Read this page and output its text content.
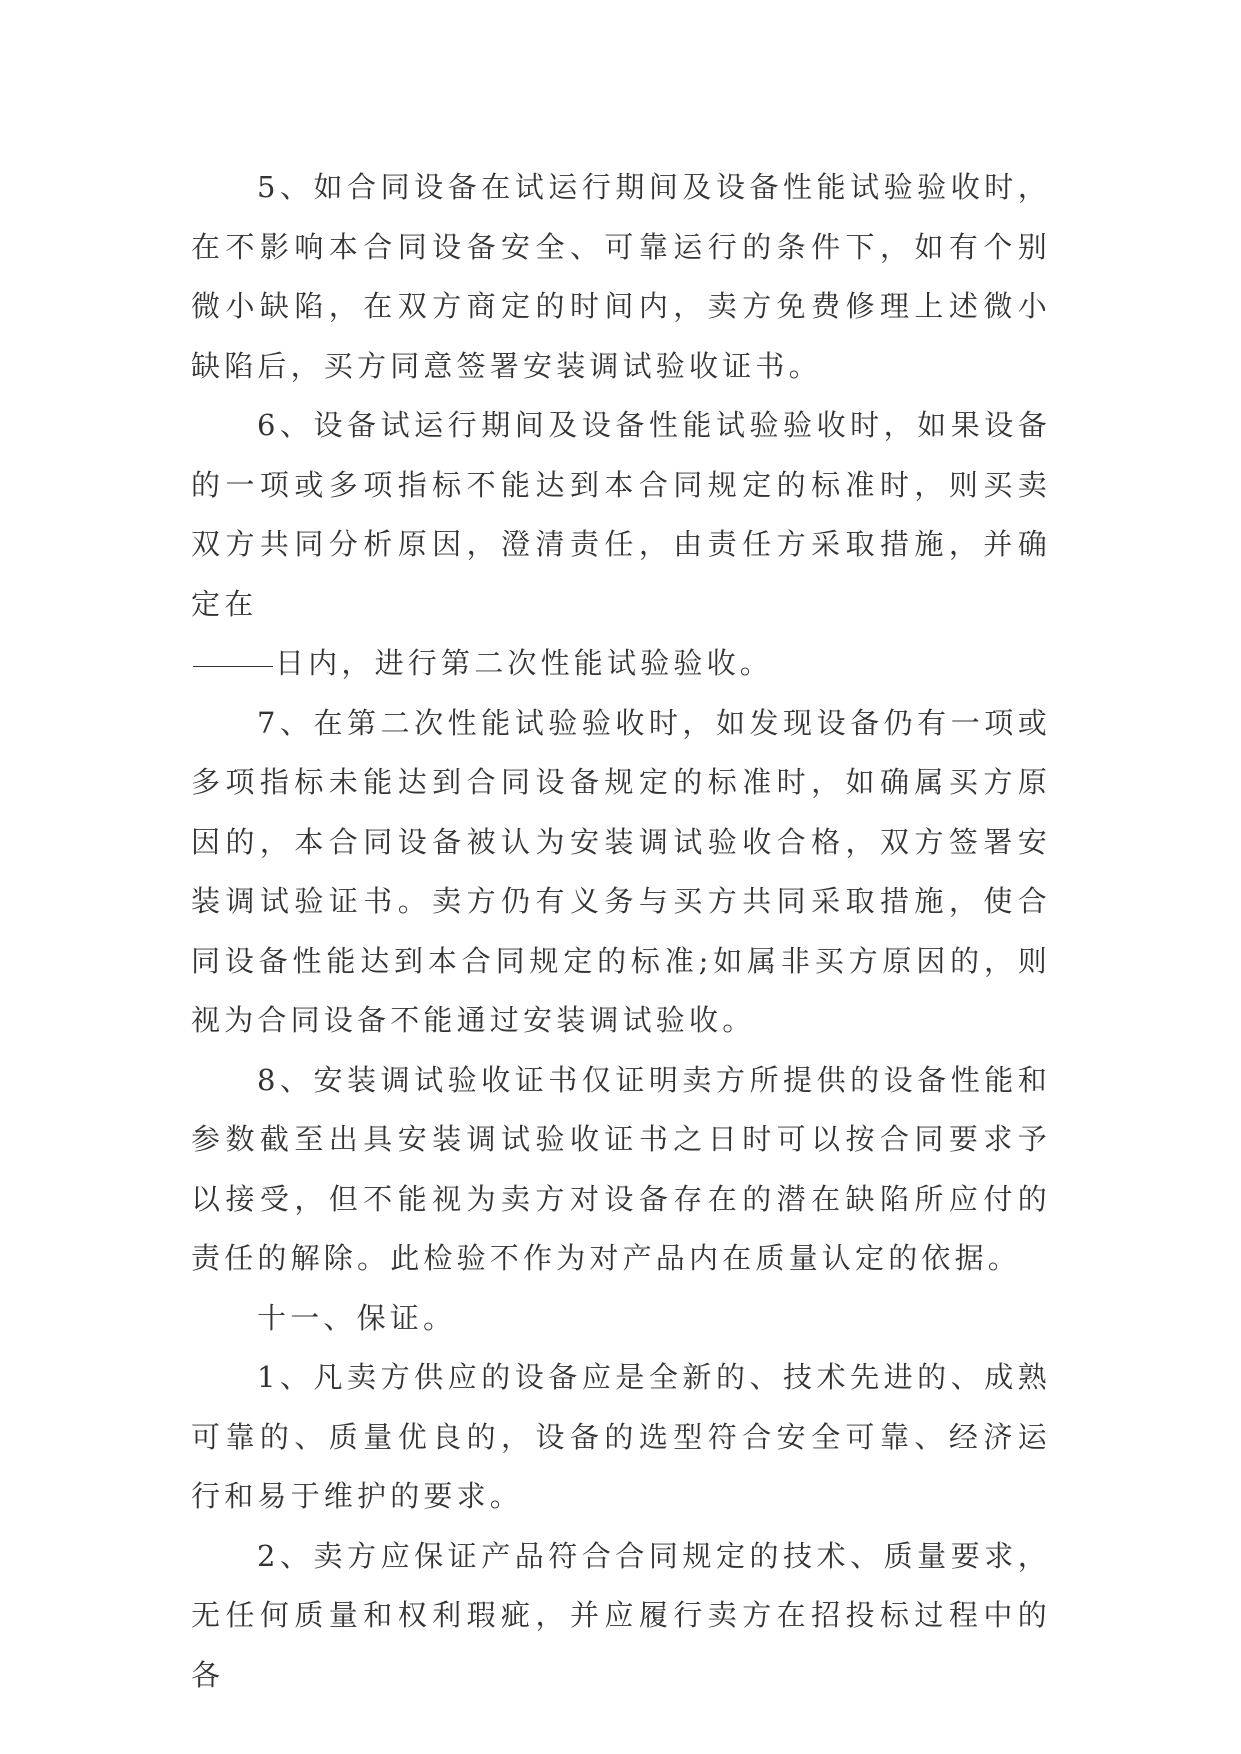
5、如合同设备在试运行期间及设备性能试验验收时，在不影响本合同设备安全、可靠运行的条件下，如有个别微小缺陷，在双方商定的时间内，卖方免费修理上述微小缺陷后，买方同意签署安装调试验收证书。

6、设备试运行期间及设备性能试验验收时，如果设备的一项或多项指标不能达到本合同规定的标准时，则买卖双方共同分析原因，澄清责任，由责任方采取措施，并确定在
日内，进行第二次性能试验验收。

7、在第二次性能试验验收时，如发现设备仍有一项或多项指标未能达到合同设备规定的标准时，如确属买方原因的，本合同设备被认为安装调试验收合格，双方签署安装调试验证书。卖方仍有义务与买方共同采取措施，使合同设备性能达到本合同规定的标准;如属非买方原因的，则视为合同设备不能通过安装调试验收。

8、安装调试验收证书仅证明卖方所提供的设备性能和参数截至出具安装调试验收证书之日时可以按合同要求予以接受，但不能视为卖方对设备存在的潜在缺陷所应付的责任的解除。此检验不作为对产品内在质量认定的依据。

十一、保证。

1、凡卖方供应的设备应是全新的、技术先进的、成熟可靠的、质量优良的，设备的选型符合安全可靠、经济运行和易于维护的要求。

2、卖方应保证产品符合合同规定的技术、质量要求，无任何质量和权利瑕疵，并应履行卖方在招投标过程中的各
